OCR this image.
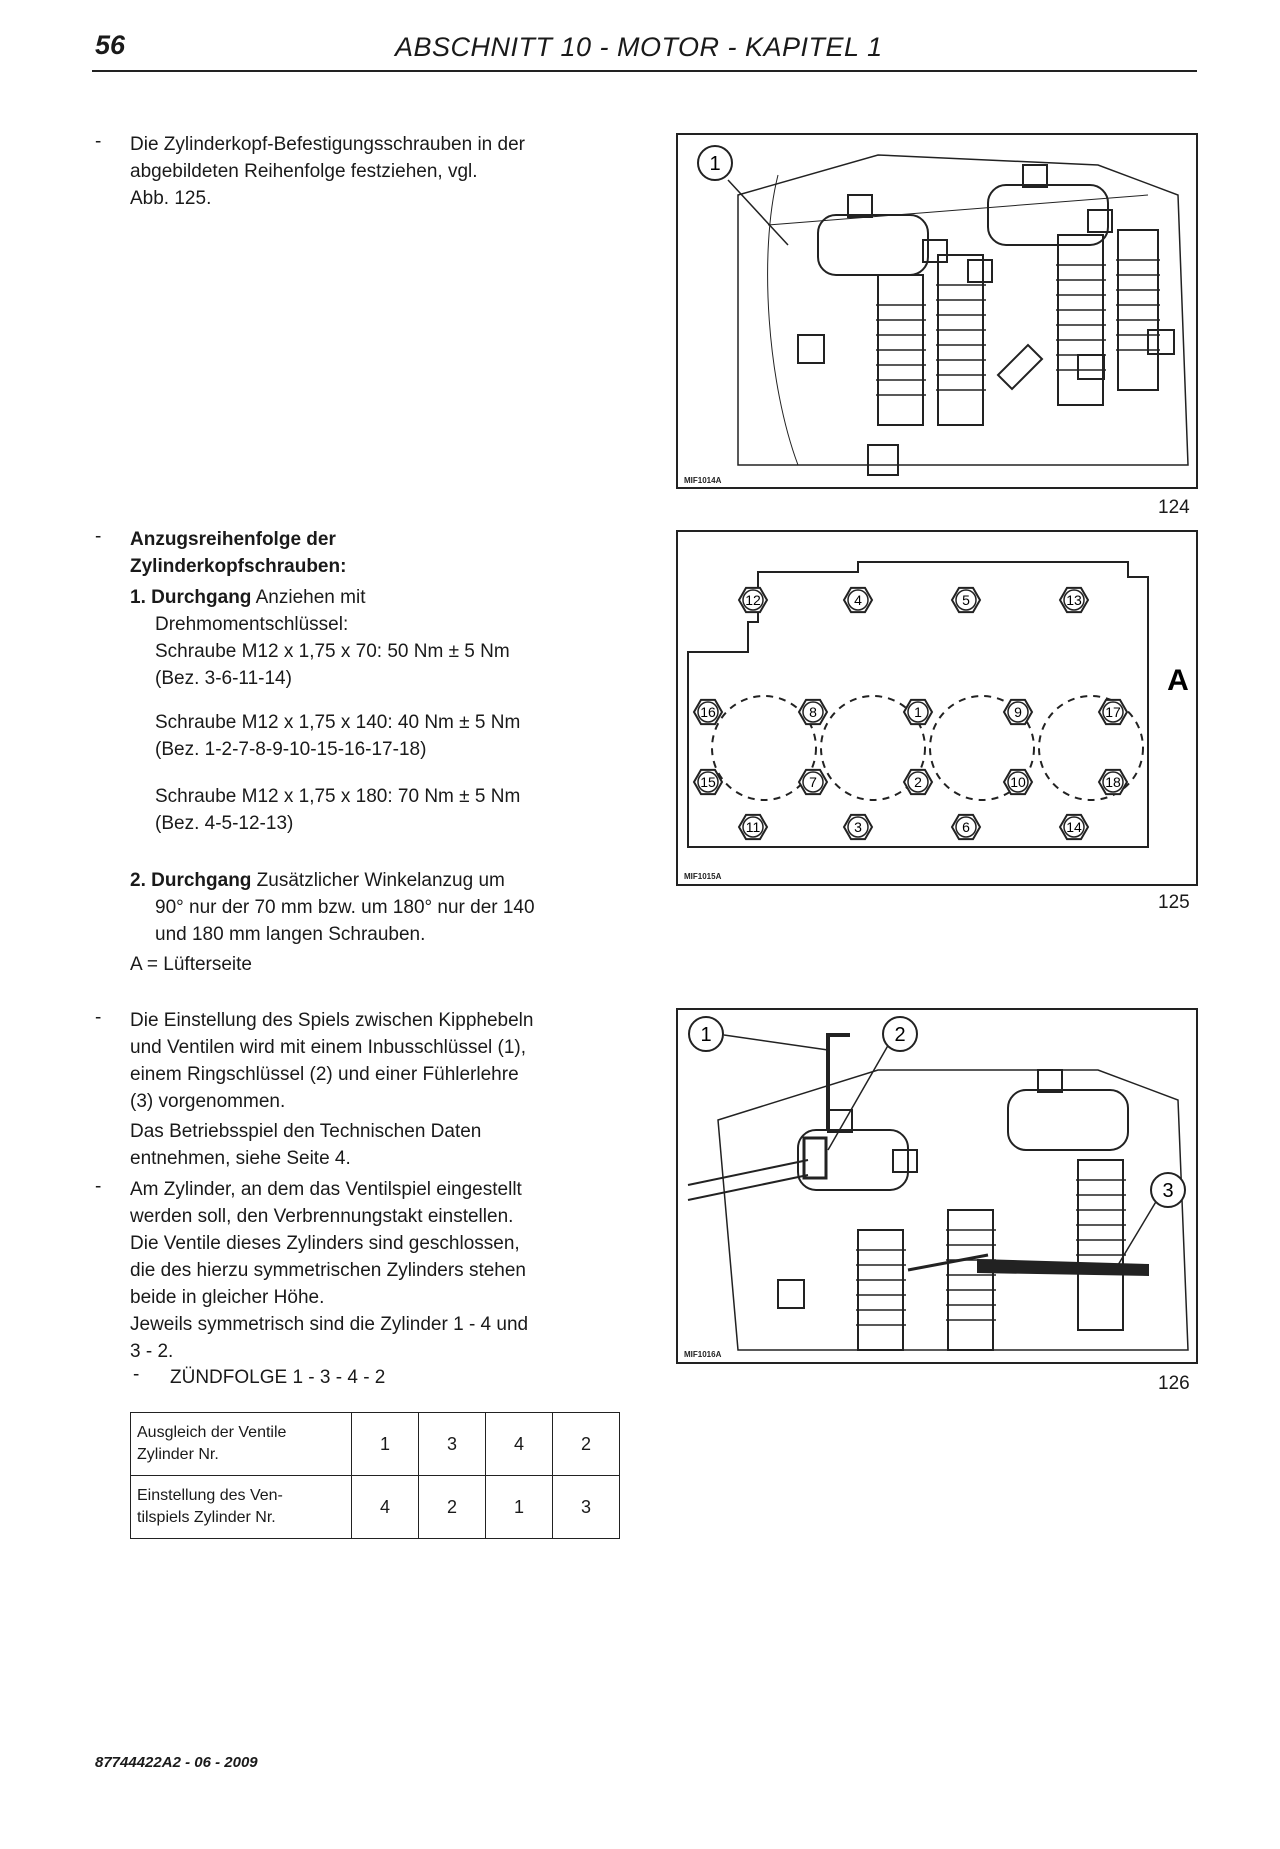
56	ABSCHNITT 10 - MOTOR - KAPITEL 1
- Die Zylinderkopf-Befestigungsschrauben in der
abgebildeten Reihenfolge festziehen, vgl.
Abb. 125.
- Anzugsreihenfolge der
Zylinderkopfschrauben:
1. Durchgang Anziehen mit
Drehmomentschlüssel:
Schraube M12 x 1,75 x 70: 50 Nm ± 5 Nm
(Bez. 3-6-11-14)
Schraube M12 x 1,75 x 140: 40 Nm ± 5 Nm
(Bez. 1-2-7-8-9-10-15-16-17-18)
Schraube M12 x 1,75 x 180: 70 Nm ± 5 Nm
(Bez. 4-5-12-13)
2. Durchgang Zusätzlicher Winkelanzug um
90° nur der 70 mm bzw. um 180° nur der 140
und 180 mm langen Schrauben.
A = Lüfterseite
- Die Einstellung des Spiels zwischen Kipphebeln
und Ventilen wird mit einem Inbusschlüssel (1),
einem Ringschlüssel (2) und einer Fühlerlehre
(3) vorgenommen.
Das Betriebsspiel den Technischen Daten
entnehmen, siehe Seite 4.
- Am Zylinder, an dem das Ventilspiel eingestellt
werden soll, den Verbrennungstakt einstellen.
Die Ventile dieses Zylinders sind geschlossen,
die des hierzu symmetrischen Zylinders stehen
beide in gleicher Höhe.
Jeweils symmetrisch sind die Zylinder 1 - 4 und
3 - 2.
- ZÜNDFOLGE 1 - 3 - 4 - 2
Ausgleich der Ventile
Zylinder Nr.	1	3	4	2

Einstellung des Ven-
tilspiels Zylinder Nr.	4	2	1	3
1
MIF1014A
124
12	4	5	13
16	8	1	9	17
15	7	2	10	18
11	3	6	14
A
MIF1015A
125
1	2
3
MIF1016A
126
87744422A2 - 06 - 2009
